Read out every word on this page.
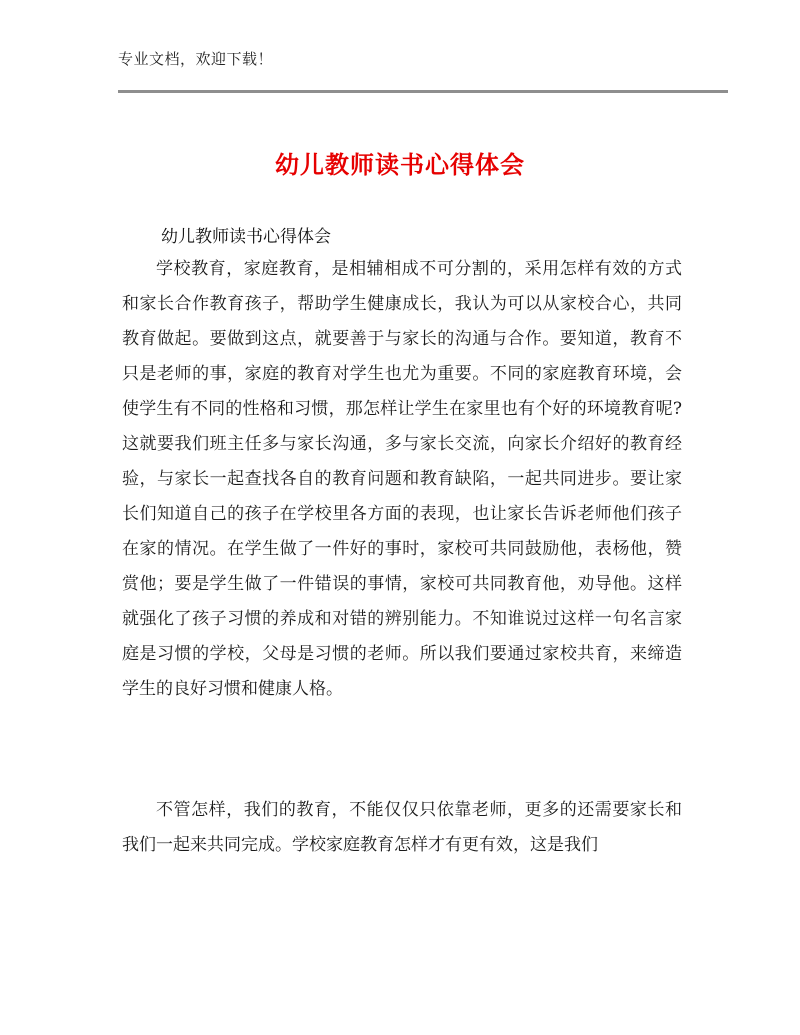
专业文档，欢迎下载！
幼儿教师读书心得体会
幼儿教师读书心得体会

学校教育，家庭教育，是相辅相成不可分割的，采用怎样有效的方式和家长合作教育孩子，帮助学生健康成长，我认为可以从家校合心，共同教育做起。要做到这点，就要善于与家长的沟通与合作。要知道，教育不只是老师的事，家庭的教育对学生也尤为重要。不同的家庭教育环境，会使学生有不同的性格和习惯，那怎样让学生在家里也有个好的环境教育呢?这就要我们班主任多与家长沟通，多与家长交流，向家长介绍好的教育经验，与家长一起查找各自的教育问题和教育缺陷，一起共同进步。要让家长们知道自己的孩子在学校里各方面的表现，也让家长告诉老师他们孩子在家的情况。在学生做了一件好的事时，家校可共同鼓励他，表杨他，赞赏他；要是学生做了一件错误的事情，家校可共同教育他，劝导他。这样就强化了孩子习惯的养成和对错的辨别能力。不知谁说过这样一句名言家庭是习惯的学校，父母是习惯的老师。所以我们要通过家校共育，来缔造学生的良好习惯和健康人格。

不管怎样，我们的教育，不能仅仅只依靠老师，更多的还需要家长和我们一起来共同完成。学校家庭教育怎样才有更有效，这是我们
